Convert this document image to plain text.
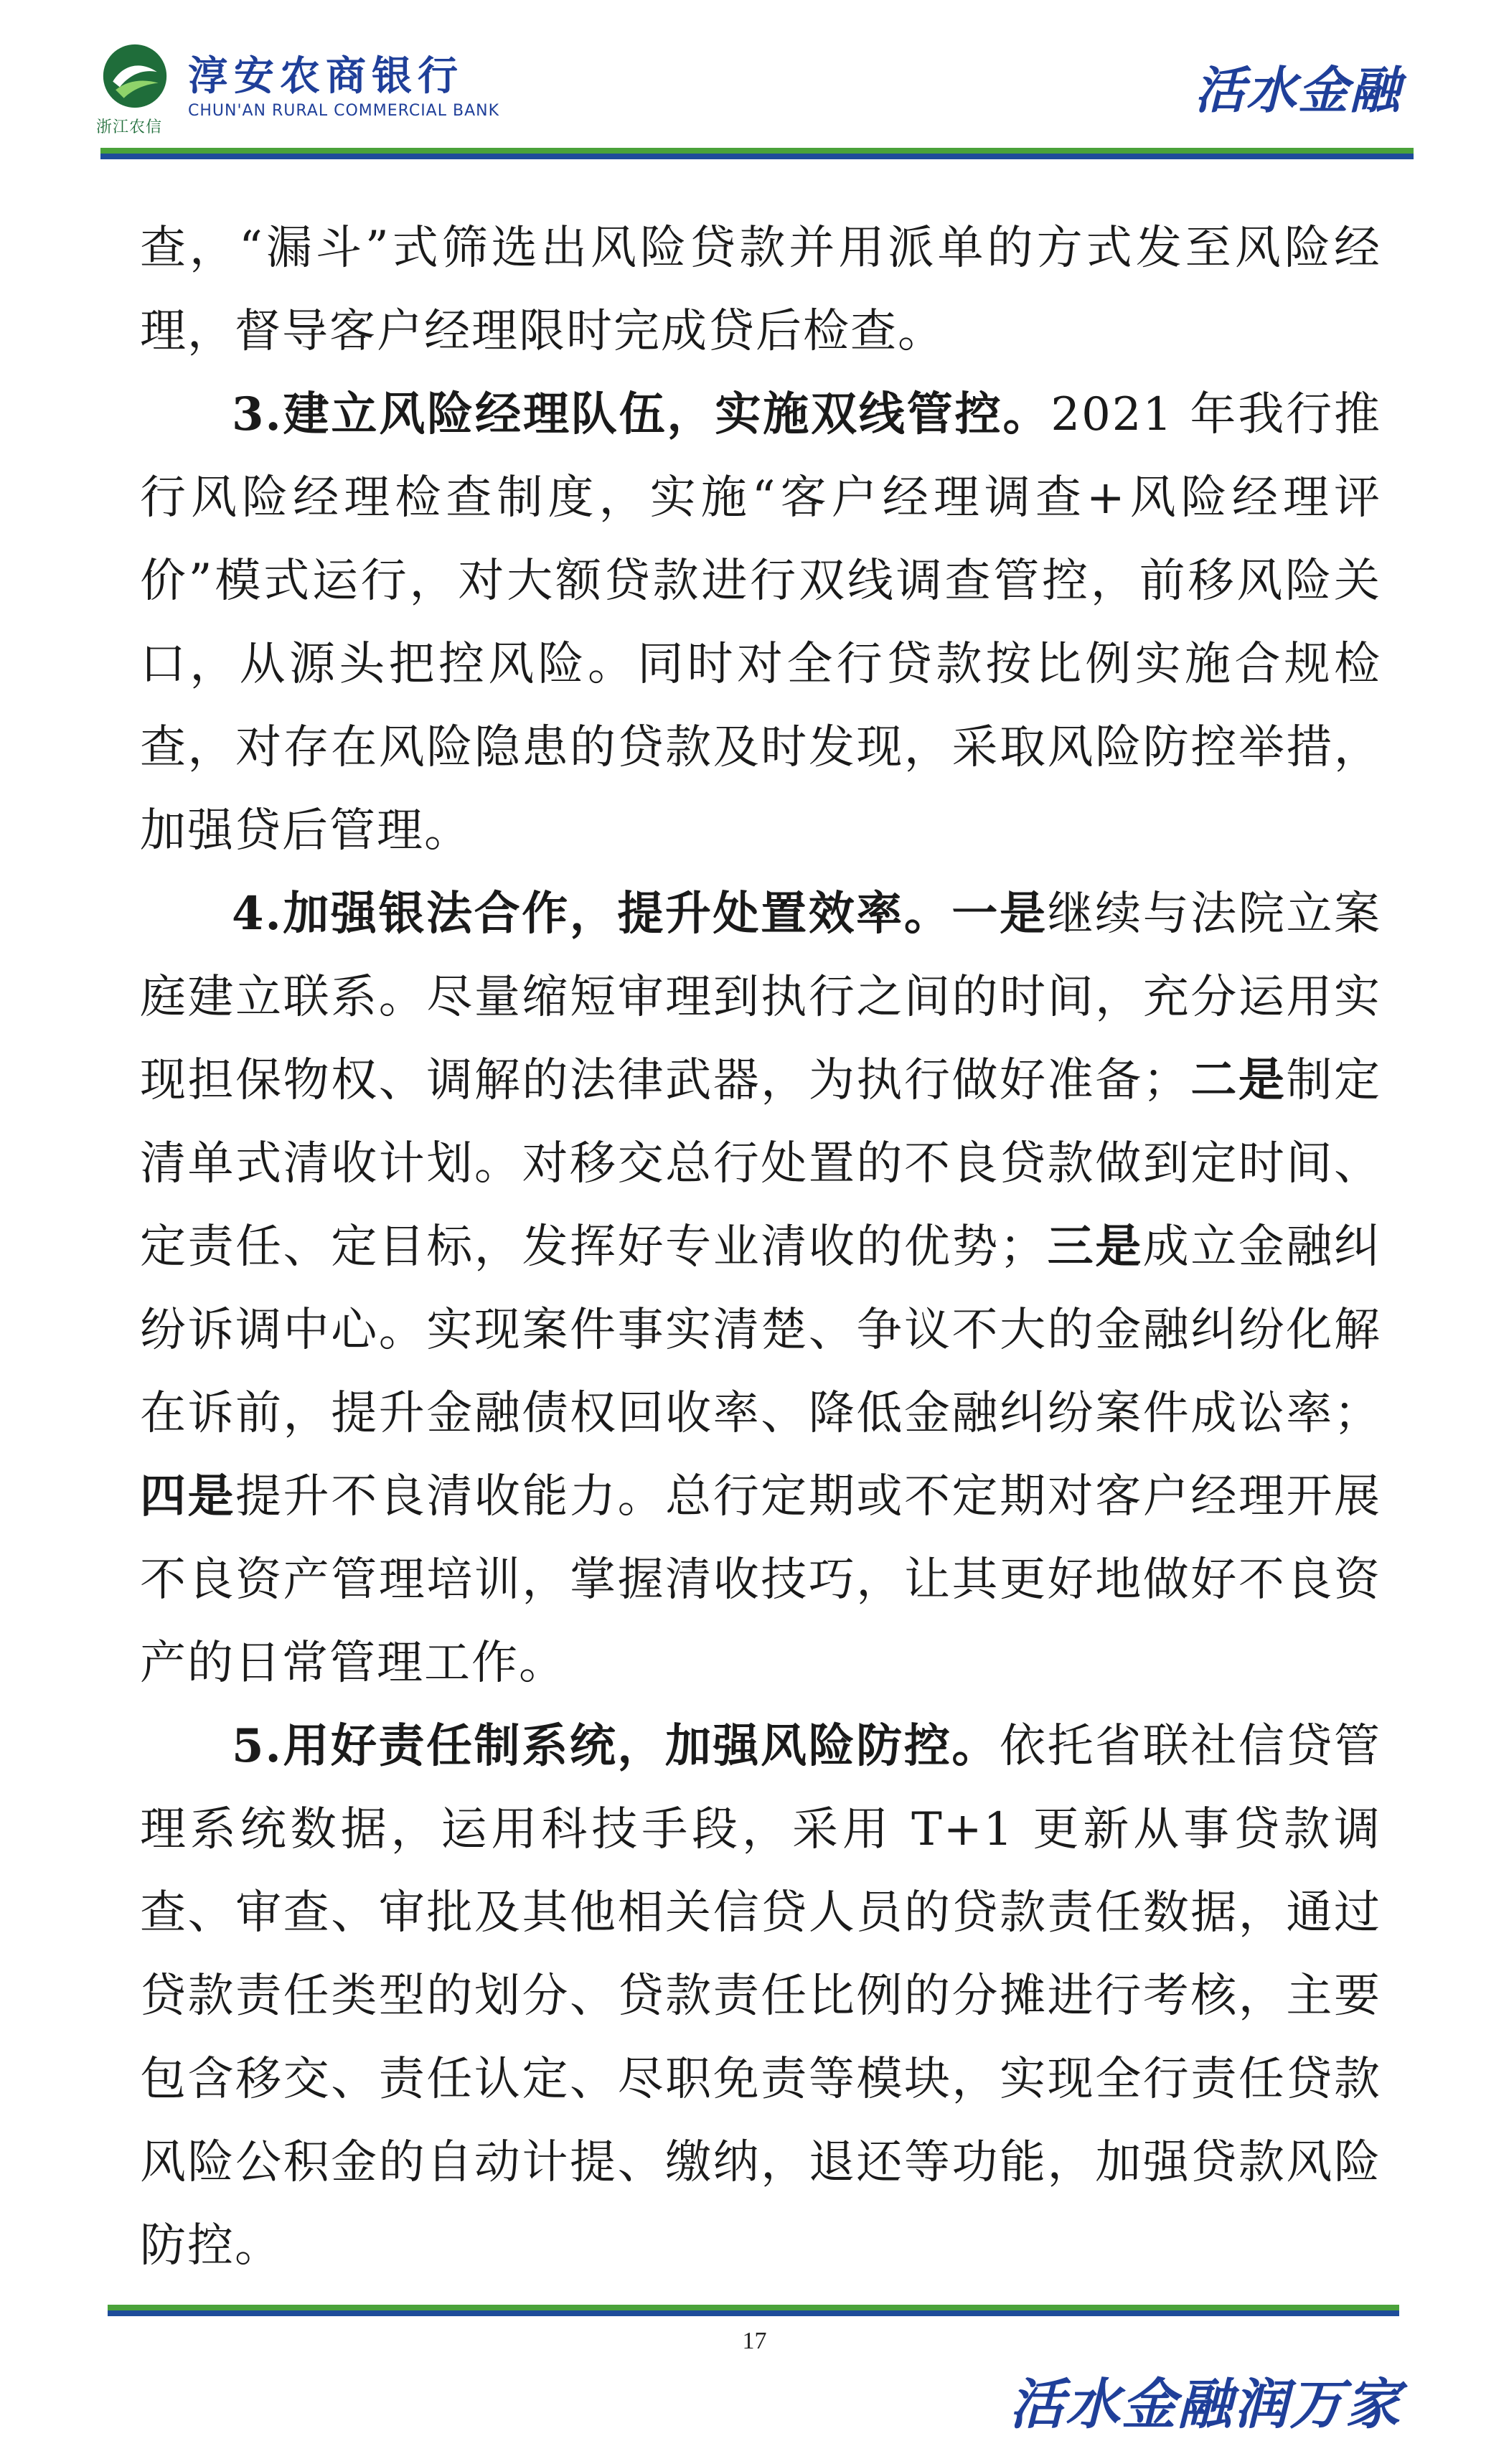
浙江农信
淳安农商银行
CHUN'AN RURAL COMMERCIAL BANK	活水金融

查，“漏斗”式筛选出风险贷款并用派单的方式发至风险经理，督导客户经理限时完成贷后检查。

3.建立风险经理队伍，实施双线管控。2021 年我行推行风险经理检查制度，实施“客户经理调查+风险经理评价”模式运行，对大额贷款进行双线调查管控，前移风险关口，从源头把控风险。同时对全行贷款按比例实施合规检查，对存在风险隐患的贷款及时发现，采取风险防控举措，加强贷后管理。

4.加强银法合作，提升处置效率。一是继续与法院立案庭建立联系。尽量缩短审理到执行之间的时间，充分运用实现担保物权、调解的法律武器，为执行做好准备；二是制定清单式清收计划。对移交总行处置的不良贷款做到定时间、定责任、定目标，发挥好专业清收的优势；三是成立金融纠纷诉调中心。实现案件事实清楚、争议不大的金融纠纷化解在诉前，提升金融债权回收率、降低金融纠纷案件成讼率；四是提升不良清收能力。总行定期或不定期对客户经理开展不良资产管理培训，掌握清收技巧，让其更好地做好不良资产的日常管理工作。

5.用好责任制系统，加强风险防控。依托省联社信贷管理系统数据，运用科技手段，采用 T+1 更新从事贷款调查、审查、审批及其他相关信贷人员的贷款责任数据，通过贷款责任类型的划分、贷款责任比例的分摊进行考核，主要包含移交、责任认定、尽职免责等模块，实现全行责任贷款风险公积金的自动计提、缴纳，退还等功能，加强贷款风险防控。

17
活水金融润万家
